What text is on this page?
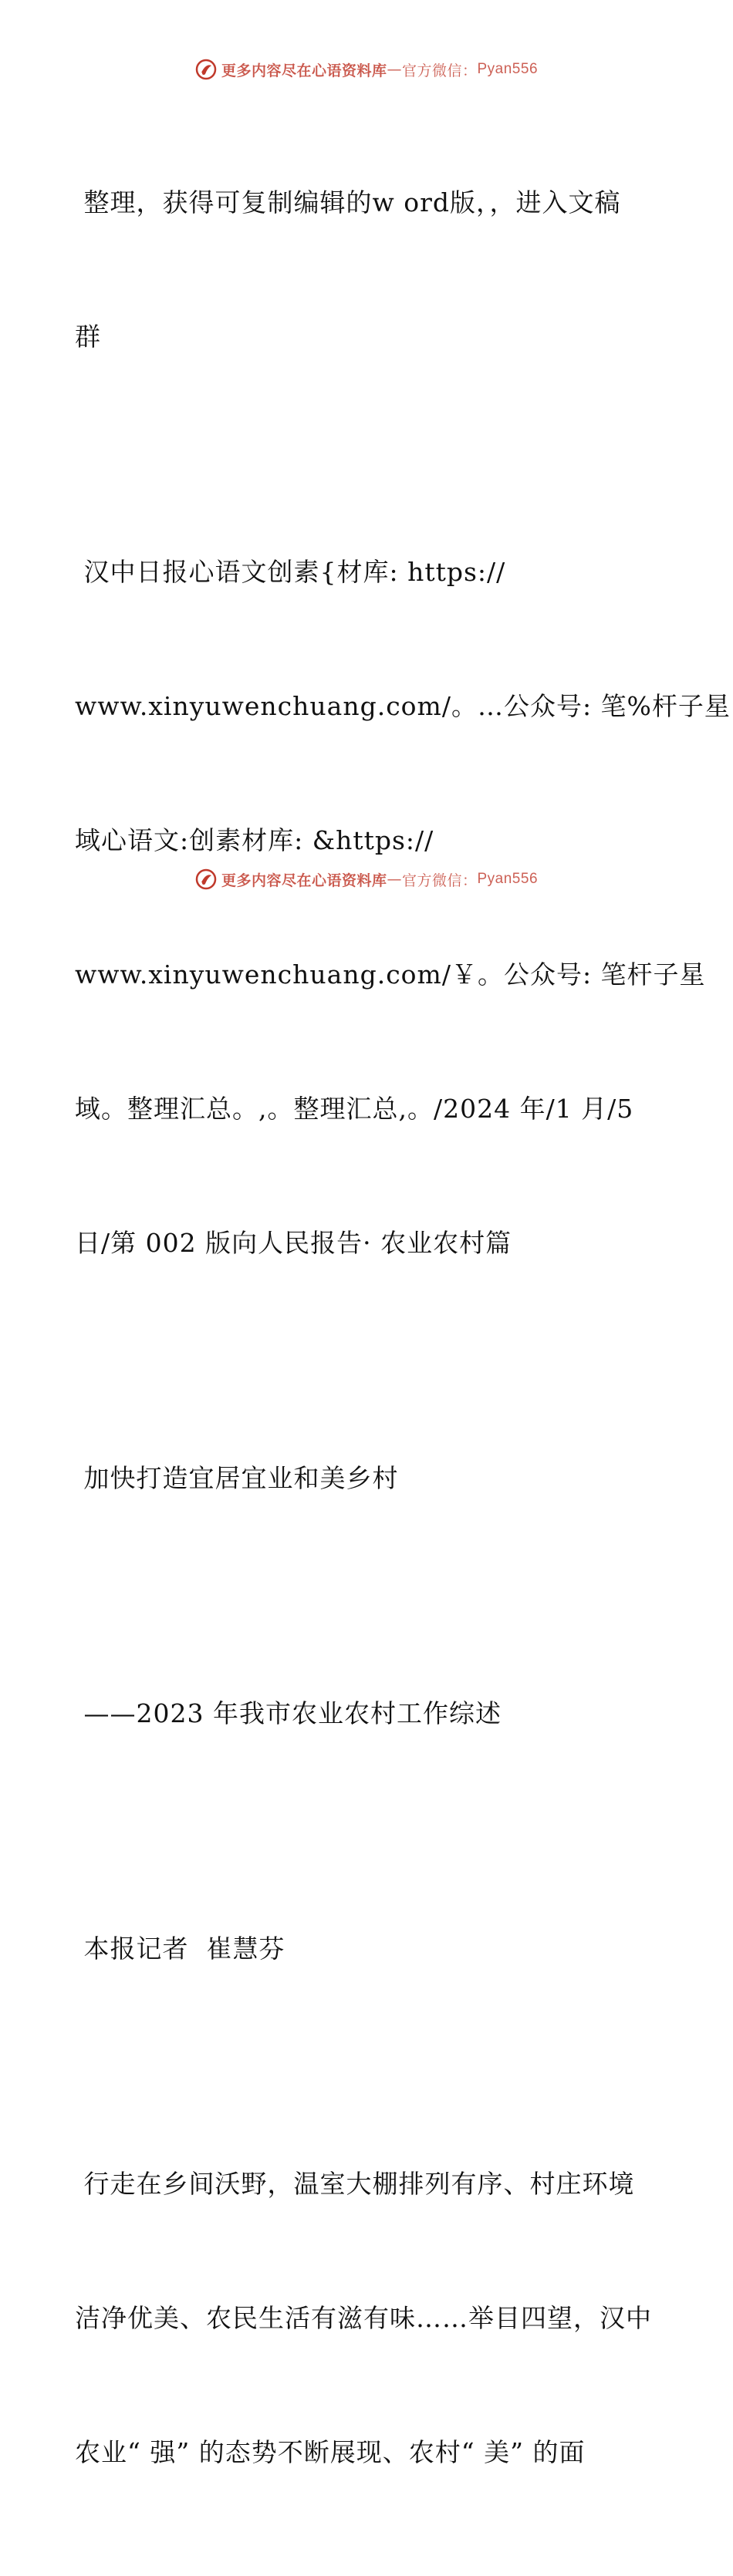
更多内容尽在心语资料库 — 官方微信： Pyan556

整理，获得可复制编辑的w ord版，，进入文稿

群

汉中日报心语文创素{材库: https://

www.xinyuwenchuang.com/。…公众号: 笔%杆子星

域心语文:创素材库: &https://

www.xinyuwenchuang.com/￥。公众号: 笔杆子星

域。整理汇总。,。整理汇总,。/2024 年/1 月/5

日/第 002 版向人民报告· 农业农村篇

加快打造宜居宜业和美乡村

——2023 年我市农业农村工作综述

本报记者  崔慧芬

行走在乡间沃野，温室大棚排列有序、村庄环境

洁净优美、农民生活有滋有味……举目四望，汉中

农业“ 强” 的态势不断展现、农村“ 美” 的面

更多内容尽在心语资料库 — 官方微信： Pyan556
